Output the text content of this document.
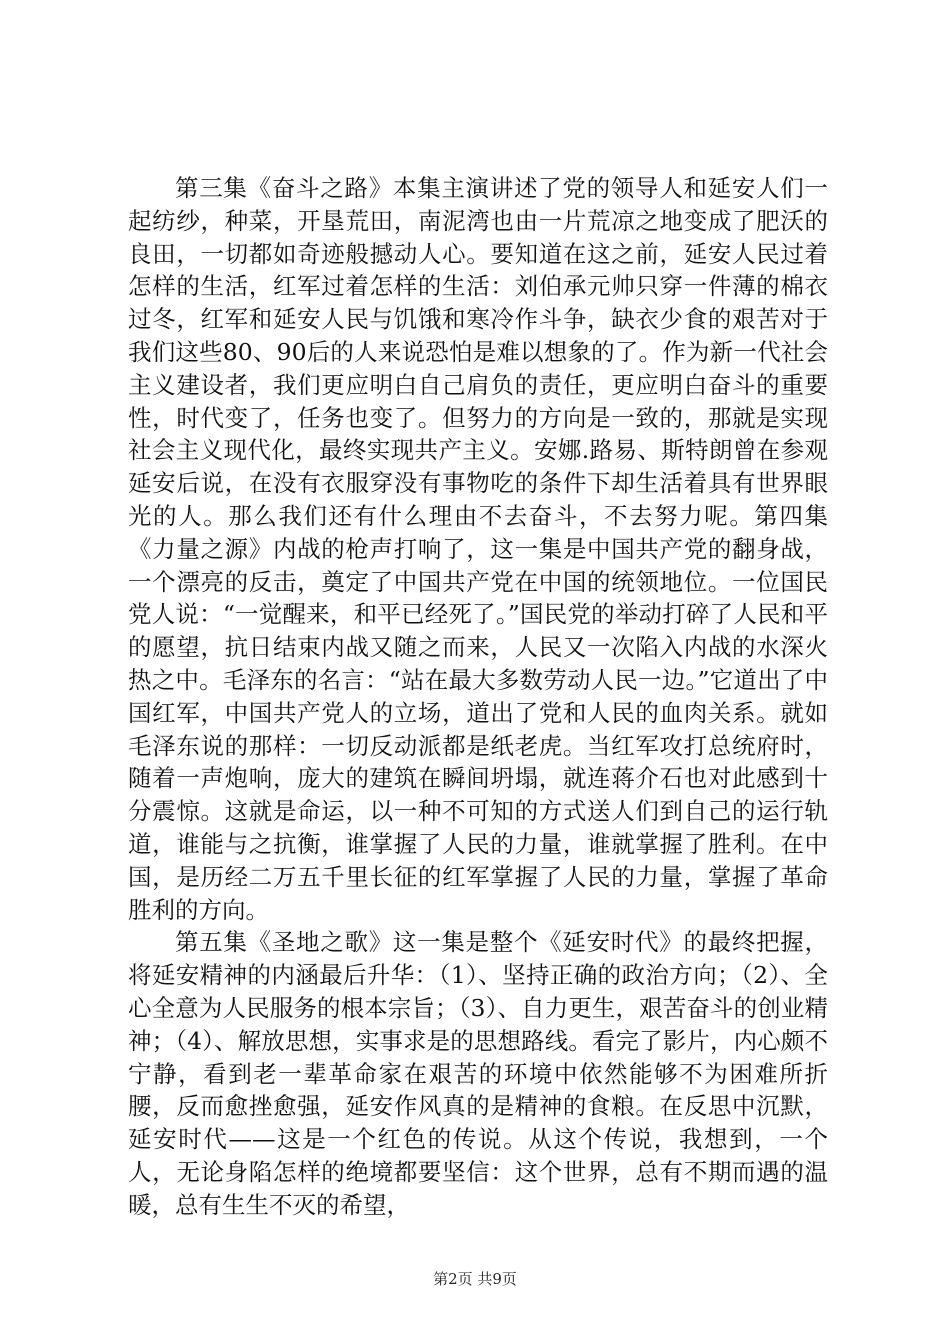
第三集《奋斗之路》本集主演讲述了党的领导人和延安人们一起纺纱，种菜，开垦荒田，南泥湾也由一片荒凉之地变成了肥沃的良田，一切都如奇迹般撼动人心。要知道在这之前，延安人民过着怎样的生活，红军过着怎样的生活：刘伯承元帅只穿一件薄的棉衣过冬，红军和延安人民与饥饿和寒冷作斗争，缺衣少食的艰苦对于我们这些80、90后的人来说恐怕是难以想象的了。作为新一代社会主义建设者，我们更应明白自己肩负的责任，更应明白奋斗的重要性，时代变了，任务也变了。但努力的方向是一致的，那就是实现社会主义现代化，最终实现共产主义。安娜.路易、斯特朗曾在参观延安后说，在没有衣服穿没有事物吃的条件下却生活着具有世界眼光的人。那么我们还有什么理由不去奋斗，不去努力呢。第四集《力量之源》内战的枪声打响了，这一集是中国共产党的翻身战，一个漂亮的反击，奠定了中国共产党在中国的统领地位。一位国民党人说：“一觉醒来，和平已经死了。”国民党的举动打碎了人民和平的愿望，抗日结束内战又随之而来，人民又一次陷入内战的水深火热之中。毛泽东的名言：“站在最大多数劳动人民一边。”它道出了中国红军，中国共产党人的立场，道出了党和人民的血肉关系。就如毛泽东说的那样：一切反动派都是纸老虎。当红军攻打总统府时，随着一声炮响，庞大的建筑在瞬间坍塌，就连蒋介石也对此感到十分震惊。这就是命运，以一种不可知的方式送人们到自己的运行轨道，谁能与之抗衡，谁掌握了人民的力量，谁就掌握了胜利。在中国，是历经二万五千里长征的红军掌握了人民的力量，掌握了革命胜利的方向。

第五集《圣地之歌》这一集是整个《延安时代》的最终把握，将延安精神的内涵最后升华：（1）、坚持正确的政治方向；（2）、全心全意为人民服务的根本宗旨；（3）、自力更生，艰苦奋斗的创业精神；（4）、解放思想，实事求是的思想路线。看完了影片，内心颇不宁静，看到老一辈革命家在艰苦的环境中依然能够不为困难所折腰，反而愈挫愈强，延安作风真的是精神的食粮。在反思中沉默，延安时代——这是一个红色的传说。从这个传说，我想到，一个人，无论身陷怎样的绝境都要坚信：这个世界，总有不期而遇的温暖，总有生生不灭的希望，

第2页 共9页
